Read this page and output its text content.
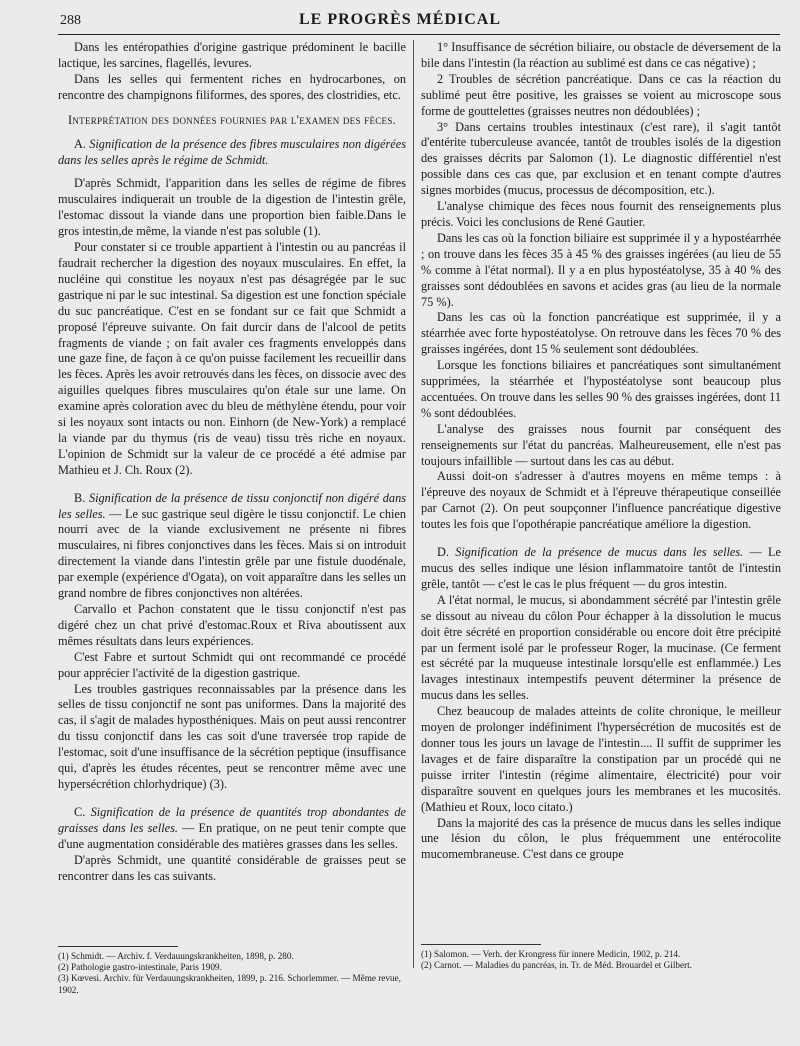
288	LE PROGRÈS MÉDICAL

Dans les entéropathies d'origine gastrique prédominent le bacille lactique, les sarcines, flagellés, levures.

Dans les selles qui fermentent riches en hydrocarbones, on rencontre des champignons filiformes, des spores, des clostridies, etc.

Interprétation des données fournies par l'examen des fèces.

A. Signification de la présence des fibres musculaires non digérées dans les selles après le régime de Schmidt.

D'après Schmidt, l'apparition dans les selles de régime de fibres musculaires indiquerait un trouble de la digestion de l'intestin grêle, l'estomac dissout la viande dans une proportion bien faible.Dans le gros intestin,de même, la viande n'est pas soluble (1).

Pour constater si ce trouble appartient à l'intestin ou au pancréas il faudrait rechercher la digestion des noyaux musculaires. En effet, la nucléine qui constitue les noyaux n'est pas désagrégée par le suc gastrique ni par le suc intestinal. Sa digestion est une fonction spéciale du suc pancréatique. C'est en se fondant sur ce fait que Schmidt a proposé l'épreuve suivante. On fait durcir dans de l'alcool de petits fragments de viande ; on fait avaler ces fragments enveloppés dans une gaze fine, de façon à ce qu'on puisse facilement les recueillir dans les fèces. Après les avoir retrouvés dans les fèces, on dissocie avec des aiguilles quelques fibres musculaires qu'on étale sur une lame. On examine après coloration avec du bleu de méthylène étendu, pour voir si les noyaux sont intacts ou non. Einhorn (de New-York) a remplacé la viande par du thymus (ris de veau) tissu très riche en noyaux. L'opinion de Schmidt sur la valeur de ce procédé a été admise par Mathieu et J. Ch. Roux (2).

B. Signification de la présence de tissu conjonctif non digéré dans les selles. — Le suc gastrique seul digère le tissu conjonctif. Le chien nourri avec de la viande exclusivement ne présente ni fibres musculaires, ni fibres conjonctives dans les fèces. Mais si on introduit directement la viande dans l'intestin grêle par une fistule duodénale, par exemple (expérience d'Ogata), on voit apparaître dans les selles un grand nombre de fibres conjonctives non altérées.

Carvallo et Pachon constatent que le tissu conjonctif n'est pas digéré chez un chat privé d'estomac.Roux et Riva aboutissent aux mêmes résultats dans leurs expériences.

C'est Fabre et surtout Schmidt qui ont recommandé ce procédé pour apprécier l'activité de la digestion gastrique.

Les troubles gastriques reconnaissables par la présence dans les selles de tissu conjonctif ne sont pas uniformes. Dans la majorité des cas, il s'agit de malades hyposthéniques. Mais on peut aussi rencontrer du tissu conjonctif dans les cas soit d'une traversée trop rapide de l'estomac, soit d'une insuffisance de la sécrétion peptique (insuffisance qui, d'après les études récentes, peut se rencontrer même avec une hypersécrétion chlorhydrique) (3).

C. Signification de la présence de quantités trop abondantes de graisses dans les selles. — En pratique, on ne peut tenir compte que d'une augmentation considérable des matières grasses dans les selles.

D'après Schmidt, une quantité considérable de graisses peut se rencontrer dans les cas suivants.

(1) Schmidt. — Archiv. f. Verdauungskrankheiten, 1898, p. 280.

(2) Pathologie gastro-intestinale, Paris 1909.

(3) Kœvesi. Archiv. für Verdauungskrankheiten, 1899, p. 216. Schorlemmer. — Même revue, 1902.

1° Insuffisance de sécrétion biliaire, ou obstacle de déversement de la bile dans l'intestin (la réaction au sublimé est dans ce cas négative) ;

2 Troubles de sécrétion pancréatique. Dans ce cas la réaction du sublimé peut être positive, les graisses se voient au microscope sous forme de gouttelettes (graisses neutres non dédoublées) ;

3° Dans certains troubles intestinaux (c'est rare), il s'agit tantôt d'entérite tuberculeuse avancée, tantôt de troubles isolés de la digestion des graisses décrits par Salomon (1). Le diagnostic différentiel n'est possible dans ces cas que, par exclusion et en tenant compte d'autres signes morbides (mucus, processus de décomposition, etc.).

L'analyse chimique des fèces nous fournit des renseignements plus précis. Voici les conclusions de René Gautier.

Dans les cas où la fonction biliaire est supprimée il y a hypostéarrhée ; on trouve dans les fèces 35 à 45 % des graisses ingérées (au lieu de 55 % comme à l'état normal). Il y a en plus hypostéatolyse, 35 à 40 % des graisses sont dédoublées en savons et acides gras (au lieu de la normale 75 %).

Dans les cas où la fonction pancréatique est supprimée, il y a stéarrhée avec forte hypostéatolyse. On retrouve dans les fèces 70 % des graisses ingérées, dont 15 % seulement sont dédoublées.

Lorsque les fonctions biliaires et pancréatiques sont simultanément supprimées, la stéarrhée et l'hypostéatolyse sont beaucoup plus accentuées. On trouve dans les selles 90 % des graisses ingérées, dont 11 % sont dédoublées.

L'analyse des graisses nous fournit par conséquent des renseignements sur l'état du pancréas. Malheureusement, elle n'est pas toujours infaillible — surtout dans les cas au début.

Aussi doit-on s'adresser à d'autres moyens en même temps : à l'épreuve des noyaux de Schmidt et à l'épreuve thérapeutique conseillée par Carnot (2). On peut soupçonner l'influence pancréatique digestive toutes les fois que l'opothérapie pancréatique améliore la digestion.

D. Signification de la présence de mucus dans les selles. — Le mucus des selles indique une lésion inflammatoire tantôt de l'intestin grêle, tantôt — c'est le cas le plus fréquent — du gros intestin.

A l'état normal, le mucus, si abondamment sécrété par l'intestin grêle se dissout au niveau du côlon Pour échapper à la dissolution le mucus doit être sécrété en proportion considérable ou encore doit être précipité par un ferment isolé par le professeur Roger, la mucinase. (Ce ferment est sécrété par la muqueuse intestinale lorsqu'elle est enflammée.) Les lavages intestinaux intempestifs peuvent déterminer la présence de mucus dans les selles.

Chez beaucoup de malades atteints de colite chronique, le meilleur moyen de prolonger indéfiniment l'hypersécrétion de mucosités est de donner tous les jours un lavage de l'intestin.... Il suffit de supprimer les lavages et de faire disparaître la constipation par un procédé qui ne puisse irriter l'intestin (régime alimentaire, électricité) pour voir disparaître souvent en quelques jours les membranes et les mucosités. (Mathieu et Roux, loco citato.)

Dans la majorité des cas la présence de mucus dans les selles indique une lésion du côlon, le plus fréquemment une entérocolite mucomembraneuse. C'est dans ce groupe

(1) Salomon. — Verh. der Krongress für innere Medicin, 1902, p. 214.

(2) Carnot. — Maladies du pancréas, in. Tr. de Méd. Brouardel et Gilbert.
